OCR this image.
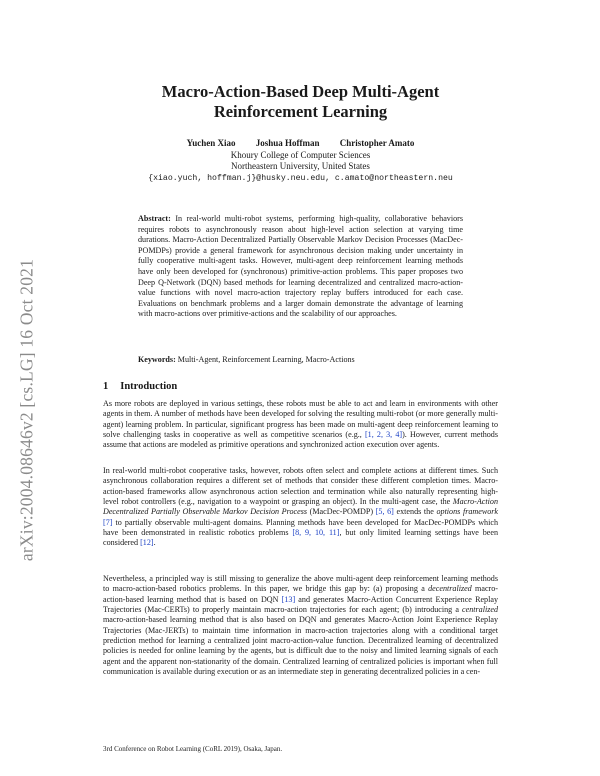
arXiv:2004.08646v2 [cs.LG] 16 Oct 2021
Macro-Action-Based Deep Multi-Agent
Reinforcement Learning
Yuchen Xiao Joshua Hoffman Christopher Amato
Khoury College of Computer Sciences
Northeastern University, United States
{xiao.yuch, hoffman.j}@husky.neu.edu, c.amato@northeastern.neu
Abstract: In real-world multi-robot systems, performing high-quality, collaborative behaviors requires robots to asynchronously reason about high-level action selection at varying time durations. Macro-Action Decentralized Partially Observable Markov Decision Processes (MacDec-POMDPs) provide a general framework for asynchronous decision making under uncertainty in fully cooperative multi-agent tasks. However, multi-agent deep reinforcement learning methods have only been developed for (synchronous) primitive-action problems. This paper proposes two Deep Q-Network (DQN) based methods for learning decentralized and centralized macro-action-value functions with novel macro-action trajectory replay buffers introduced for each case. Evaluations on benchmark problems and a larger domain demonstrate the advantage of learning with macro-actions over primitive-actions and the scalability of our approaches.
Keywords: Multi-Agent, Reinforcement Learning, Macro-Actions
1 Introduction
As more robots are deployed in various settings, these robots must be able to act and learn in environments with other agents in them. A number of methods have been developed for solving the resulting multi-robot (or more generally multi-agent) learning problem. In particular, significant progress has been made on multi-agent deep reinforcement learning to solve challenging tasks in cooperative as well as competitive scenarios (e.g., [1, 2, 3, 4]). However, current methods assume that actions are modeled as primitive operations and synchronized action execution over agents.
In real-world multi-robot cooperative tasks, however, robots often select and complete actions at different times. Such asynchronous collaboration requires a different set of methods that consider these different completion times. Macro-action-based frameworks allow asynchronous action selection and termination while also naturally representing high-level robot controllers (e.g., navigation to a waypoint or grasping an object). In the multi-agent case, the Macro-Action Decentralized Partially Observable Markov Decision Process (MacDec-POMDP) [5, 6] extends the options framework [7] to partially observable multi-agent domains. Planning methods have been developed for MacDec-POMDPs which have been demonstrated in realistic robotics problems [8, 9, 10, 11], but only limited learning settings have been considered [12].
Nevertheless, a principled way is still missing to generalize the above multi-agent deep reinforcement learning methods to macro-action-based robotics problems. In this paper, we bridge this gap by: (a) proposing a decentralized macro-action-based learning method that is based on DQN [13] and generates Macro-Action Concurrent Experience Replay Trajectories (Mac-CERTs) to properly maintain macro-action trajectories for each agent; (b) introducing a centralized macro-action-based learning method that is also based on DQN and generates Macro-Action Joint Experience Replay Trajectories (Mac-JERTs) to maintain time information in macro-action trajectories along with a conditional target prediction method for learning a centralized joint macro-action-value function. Decentralized learning of decentralized policies is needed for online learning by the agents, but is difficult due to the noisy and limited learning signals of each agent and the apparent non-stationarity of the domain. Centralized learning of centralized policies is important when full communication is available during execution or as an intermediate step in generating decentralized policies in a cen-
3rd Conference on Robot Learning (CoRL 2019), Osaka, Japan.
